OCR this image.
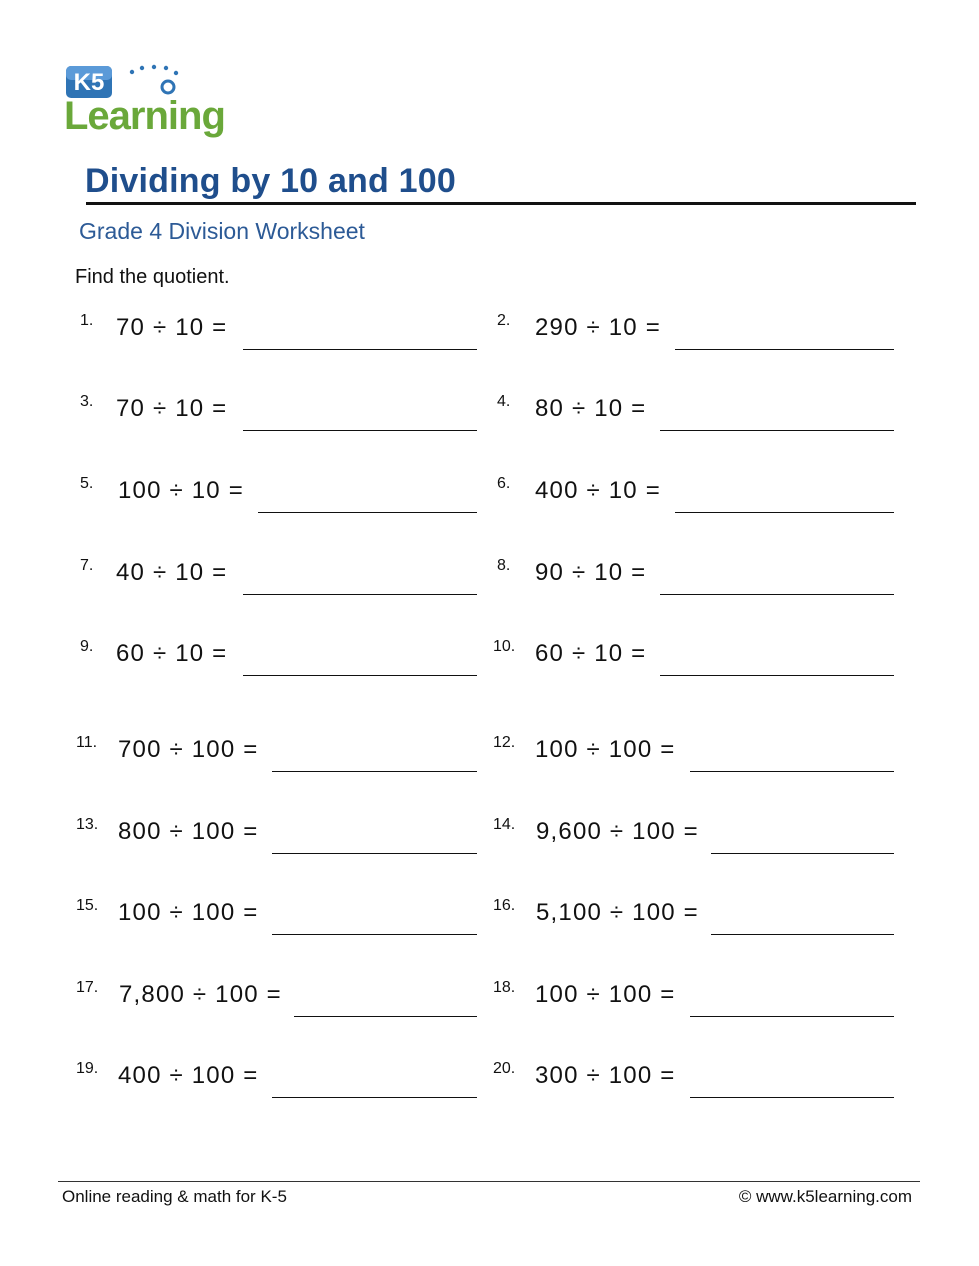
K5
Learning
Dividing by 10 and 100
Grade 4 Division Worksheet
Find the quotient.
1. 70 ÷ 10 =	2. 290 ÷ 10 =
3. 70 ÷ 10 =	4. 80 ÷ 10 =
5. 100 ÷ 10 =	6. 400 ÷ 10 =
7. 40 ÷ 10 =	8. 90 ÷ 10 =
9. 60 ÷ 10 =	10. 60 ÷ 10 =
11. 700 ÷ 100 =	12. 100 ÷ 100 =
13. 800 ÷ 100 =	14. 9,600 ÷ 100 =
15. 100 ÷ 100 =	16. 5,100 ÷ 100 =
17. 7,800 ÷ 100 =	18. 100 ÷ 100 =
19. 400 ÷ 100 =	20. 300 ÷ 100 =
Online reading & math for K-5	© www.k5learning.com
